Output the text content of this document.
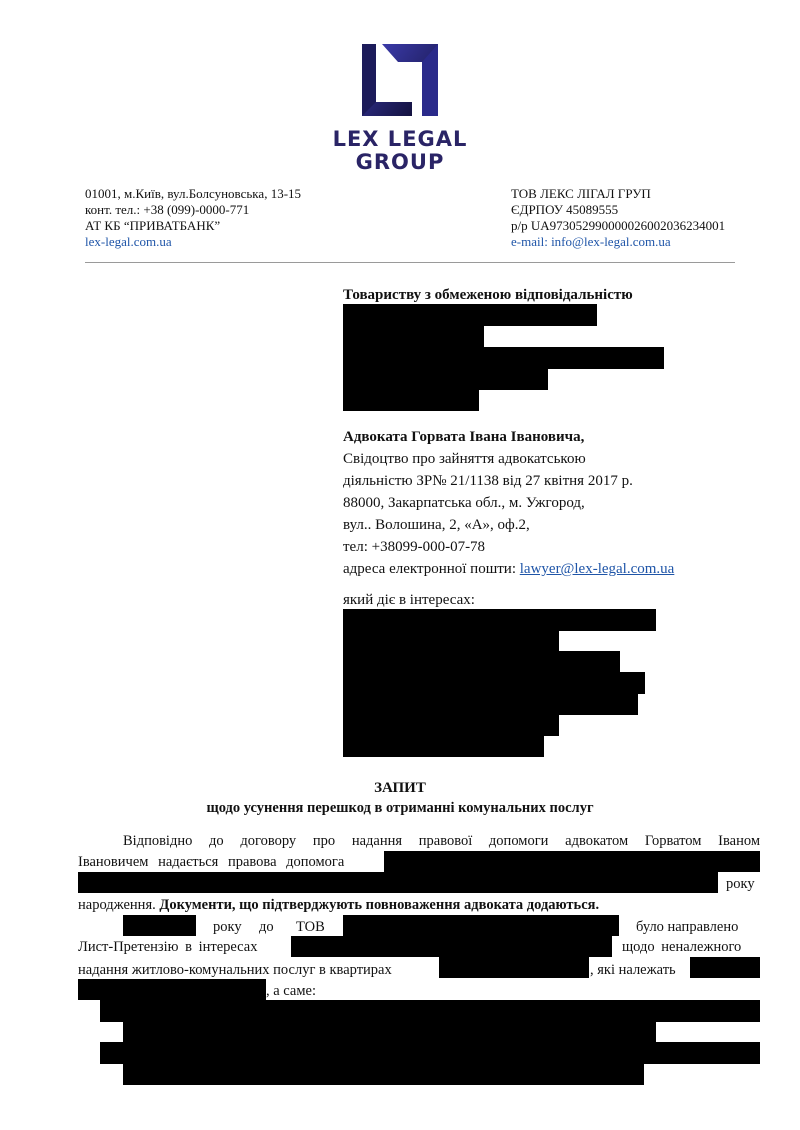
LEX LEGAL
GROUP
01001, м.Київ, вул.Болсуновська, 13-15
конт. тел.: +38 (099)-0000-771
АТ КБ “ПРИВАТБАНК”
lex-legal.com.ua
ТОВ ЛЕКС ЛІГАЛ ГРУП
ЄДРПОУ 45089555
р/р UA973052990000026002036234001
e-mail: info@lex-legal.com.ua
Товариству з обмеженою відповідальністю
Адвоката Горвата Івана Івановича,
Свідоцтво про зайняття адвокатською
діяльністю ЗР№ 21/1138 від 27 квітня 2017 р.
88000, Закарпатська обл., м. Ужгород,
вул.. Волошина, 2, «А», оф.2,
тел: +38099-000-07-78
адреса електронної пошти: lawyer@lex-legal.com.ua
який діє в інтересах:
ЗАПИТ
щодо усунення перешкод в отриманні комунальних послуг
Відповідно до договору про надання правової допомоги адвокатом Горватом Іваном
Івановичем надається правова допомога
року
народження. Документи, що підтверджують повноваження адвоката додаються.
року до ТОВ	було направлено
Лист-Претензію в інтересах	щодо неналежного
надання житлово-комунальних послуг в квартирах	, які належать
, а саме:
